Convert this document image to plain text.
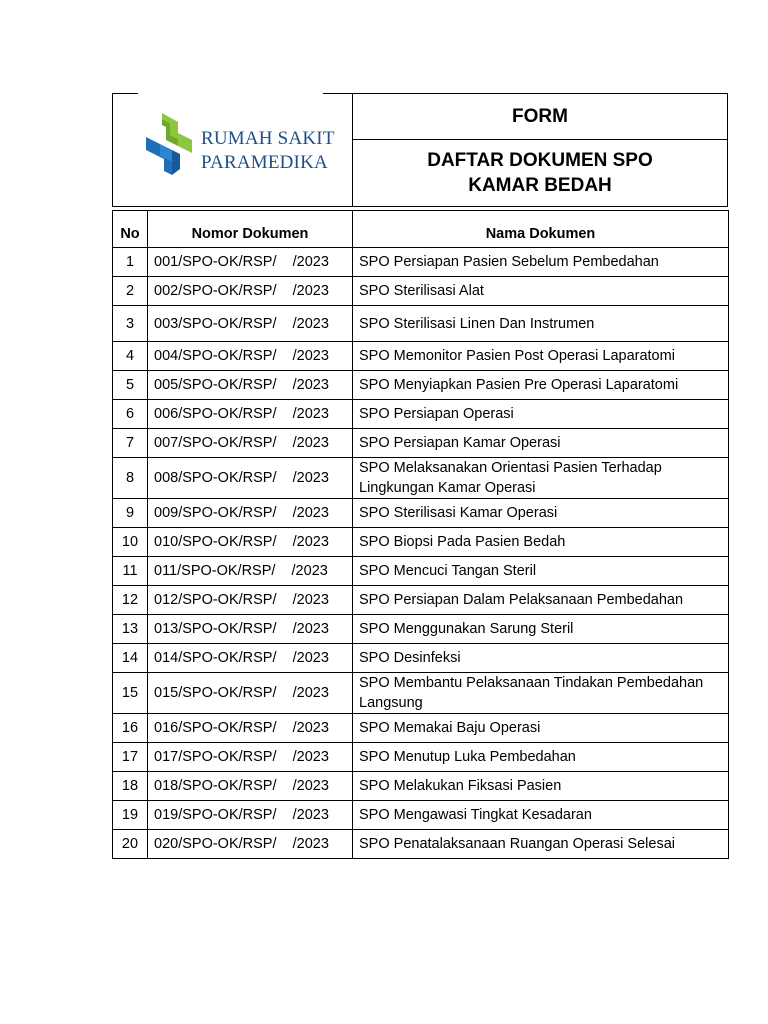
RUMAH SAKIT
PARAMEDIKA
FORM
DAFTAR DOKUMEN SPO
KAMAR BEDAH
No	Nomor Dokumen	Nama Dokumen
1	001/SPO-OK/RSP/    /2023	SPO Persiapan Pasien Sebelum Pembedahan
2	002/SPO-OK/RSP/    /2023	SPO Sterilisasi Alat
3	003/SPO-OK/RSP/    /2023	SPO Sterilisasi Linen Dan Instrumen
4	004/SPO-OK/RSP/    /2023	SPO Memonitor Pasien Post Operasi Laparatomi
5	005/SPO-OK/RSP/    /2023	SPO Menyiapkan Pasien Pre Operasi Laparatomi
6	006/SPO-OK/RSP/    /2023	SPO Persiapan Operasi
7	007/SPO-OK/RSP/    /2023	SPO Persiapan Kamar Operasi
8	008/SPO-OK/RSP/    /2023	SPO Melaksanakan Orientasi Pasien Terhadap Lingkungan Kamar Operasi
9	009/SPO-OK/RSP/    /2023	SPO Sterilisasi Kamar Operasi
10	010/SPO-OK/RSP/    /2023	SPO Biopsi Pada Pasien Bedah
11	011/SPO-OK/RSP/    /2023	SPO Mencuci Tangan Steril
12	012/SPO-OK/RSP/    /2023	SPO Persiapan Dalam Pelaksanaan Pembedahan
13	013/SPO-OK/RSP/    /2023	SPO Menggunakan Sarung Steril
14	014/SPO-OK/RSP/    /2023	SPO Desinfeksi
15	015/SPO-OK/RSP/    /2023	SPO Membantu Pelaksanaan Tindakan Pembedahan Langsung
16	016/SPO-OK/RSP/    /2023	SPO Memakai Baju Operasi
17	017/SPO-OK/RSP/    /2023	SPO Menutup Luka Pembedahan
18	018/SPO-OK/RSP/    /2023	SPO Melakukan Fiksasi Pasien
19	019/SPO-OK/RSP/    /2023	SPO Mengawasi Tingkat Kesadaran
20	020/SPO-OK/RSP/    /2023	SPO Penatalaksanaan Ruangan Operasi Selesai
